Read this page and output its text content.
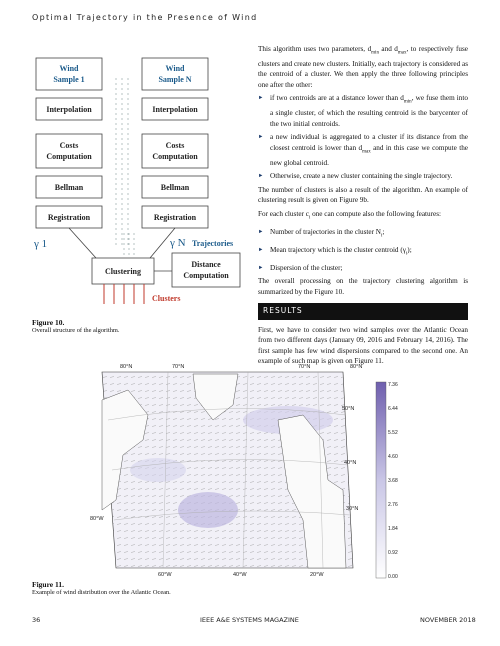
Optimal Trajectory in the Presence of Wind
Wind
Sample 1
Wind
Sample N
Interpolation	Interpolation
Costs
Computation
Costs
Computation
Bellman	Bellman
Registration	Registration
Clustering
Distance
Computation
γ 1	γ N Trajectories
Clusters
Figure 10.
Overall structure of the algorithm.

This algorithm uses two parameters, $d_{min}$ and $d_{max}$, to respectively fuse clusters and create new clusters. Initially, each trajectory is considered as the centroid of a cluster. We then apply the three following principles one after the other:

► if two centroids are at a distance lower than $d_{min}$, we fuse them into a single cluster, of which the resulting centroid is the barycenter of the two initial centroids.
► a new individual is aggregated to a cluster if its distance from the closest centroid is lower than $d_{max}$ and in this case we compute the new global centroid.
► Otherwise, create a new cluster containing the single trajectory.

The number of clusters is also a result of the algorithm. An example of clustering result is given on Figure 9b.

For each cluster $c_i$ one can compute also the following features:

► Number of trajectories in the cluster $N_i$;
► Mean trajectory which is the cluster centroid $(\gamma_i)$;
► Dispersion of the cluster;

The overall processing on the trajectory clustering algorithm is summarized by the Figure 10.

RESULTS

First, we have to consider two wind samples over the Atlantic Ocean from two different days (January 09, 2016 and February 14, 2016). The first sample has few wind dispersions compared to the second one. An example of such map is given on Figure 11.

80°N	70°N	70°N	80°N
50°N
40°N
30°N
80°W
60°W	40°W	20°W
7.36
6.44
5.52
4.60
3.68
2.76
1.84
0.92
0.00
Figure 11.
Example of wind distribution over the Atlantic Ocean.
36	IEEE A&E SYSTEMS MAGAZINE	NOVEMBER 2018
